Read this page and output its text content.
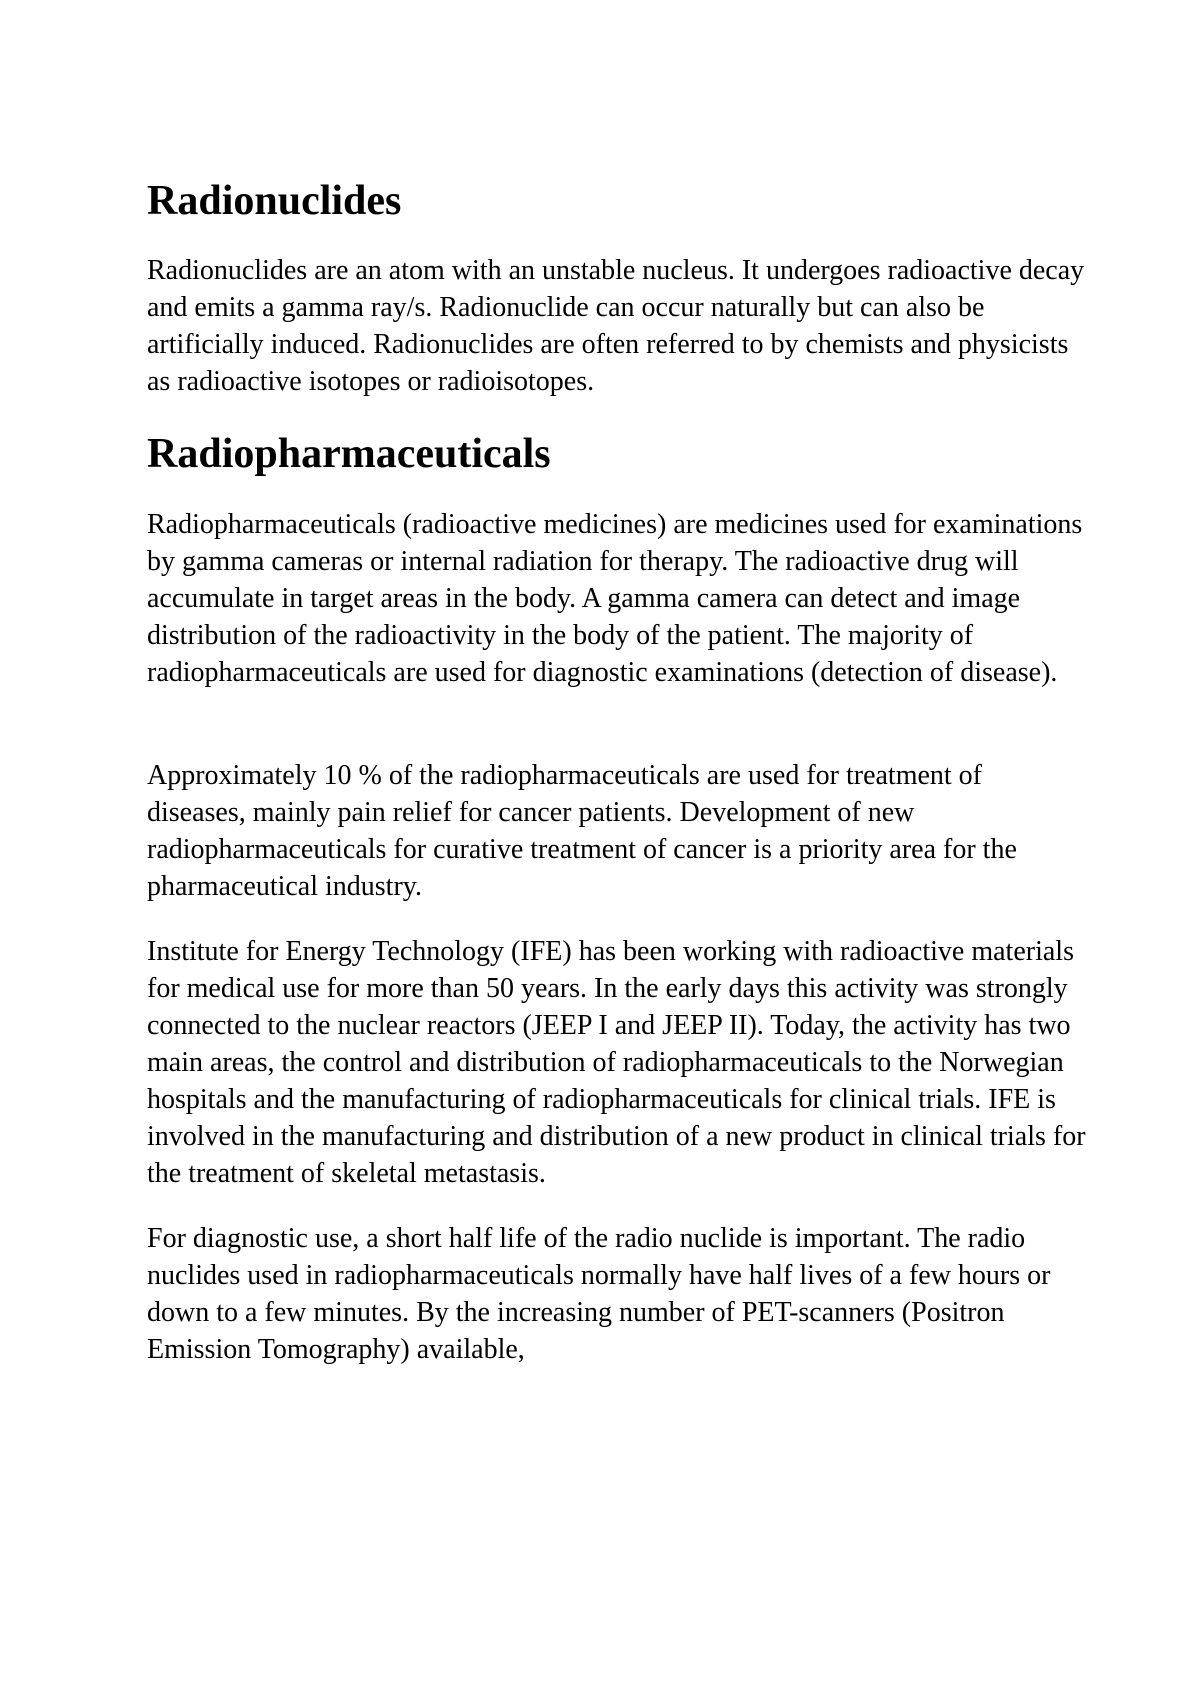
Radionuclides

Radionuclides are an atom with an unstable nucleus. It undergoes radioactive decay and emits a gamma ray/s. Radionuclide can occur naturally but can also be artificially induced. Radionuclides are often referred to by chemists and physicists as radioactive isotopes or radioisotopes.

Radiopharmaceuticals

Radiopharmaceuticals (radioactive medicines) are medicines used for examinations by gamma cameras or internal radiation for therapy. The radioactive drug will accumulate in target areas in the body. A gamma camera can detect and image distribution of the radioactivity in the body of the patient. The majority of radiopharmaceuticals are used for diagnostic examinations (detection of disease).

Approximately 10 % of the radiopharmaceuticals are used for treatment of diseases, mainly pain relief for cancer patients. Development of new radiopharmaceuticals for curative treatment of cancer is a priority area for the pharmaceutical industry.

Institute for Energy Technology (IFE) has been working with radioactive materials for medical use for more than 50 years. In the early days this activity was strongly connected to the nuclear reactors (JEEP I and JEEP II). Today, the activity has two main areas, the control and distribution of radiopharmaceuticals to the Norwegian hospitals and the manufacturing of radiopharmaceuticals for clinical trials. IFE is involved in the manufacturing and distribution of a new product in clinical trials for the treatment of skeletal metastasis.

For diagnostic use, a short half life of the radio nuclide is important. The radio nuclides used in radiopharmaceuticals normally have half lives of a few hours or down to a few minutes. By the increasing number of PET-scanners (Positron Emission Tomography) available,
